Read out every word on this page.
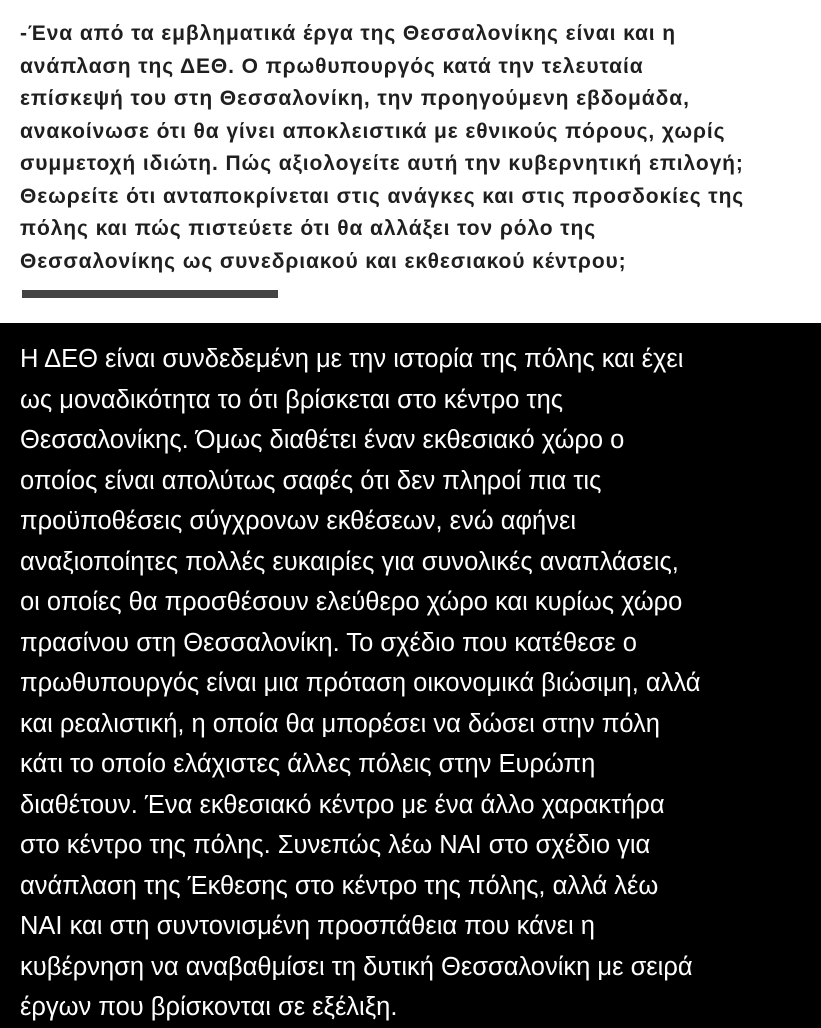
-Ένα από τα εμβληματικά έργα της Θεσσαλονίκης είναι και η
ανάπλαση της ΔΕΘ. Ο πρωθυπουργός κατά την τελευταία
επίσκεψή του στη Θεσσαλονίκη, την προηγούμενη εβδομάδα,
ανακοίνωσε ότι θα γίνει αποκλειστικά με εθνικούς πόρους, χωρίς
συμμετοχή ιδιώτη. Πώς αξιολογείτε αυτή την κυβερνητική επιλογή;
Θεωρείτε ότι ανταποκρίνεται στις ανάγκες και στις προσδοκίες της
πόλης και πώς πιστεύετε ότι θα αλλάξει τον ρόλο της
Θεσσαλονίκης ως συνεδριακού και εκθεσιακού κέντρου;

Η ΔΕΘ είναι συνδεδεμένη με την ιστορία της πόλης και έχει
ως μοναδικότητα το ότι βρίσκεται στο κέντρο της
Θεσσαλονίκης. Όμως διαθέτει έναν εκθεσιακό χώρο ο
οποίος είναι απολύτως σαφές ότι δεν πληροί πια τις
προϋποθέσεις σύγχρονων εκθέσεων, ενώ αφήνει
αναξιοποίητες πολλές ευκαιρίες για συνολικές αναπλάσεις,
οι οποίες θα προσθέσουν ελεύθερο χώρο και κυρίως χώρο
πρασίνου στη Θεσσαλονίκη. Το σχέδιο που κατέθεσε ο
πρωθυπουργός είναι μια πρόταση οικονομικά βιώσιμη, αλλά
και ρεαλιστική, η οποία θα μπορέσει να δώσει στην πόλη
κάτι το οποίο ελάχιστες άλλες πόλεις στην Ευρώπη
διαθέτουν. Ένα εκθεσιακό κέντρο με ένα άλλο χαρακτήρα
στο κέντρο της πόλης. Συνεπώς λέω ΝΑΙ στο σχέδιο για
ανάπλαση της Έκθεσης στο κέντρο της πόλης, αλλά λέω
ΝΑΙ και στη συντονισμένη προσπάθεια που κάνει η
κυβέρνηση να αναβαθμίσει τη δυτική Θεσσαλονίκη με σειρά
έργων που βρίσκονται σε εξέλιξη.
